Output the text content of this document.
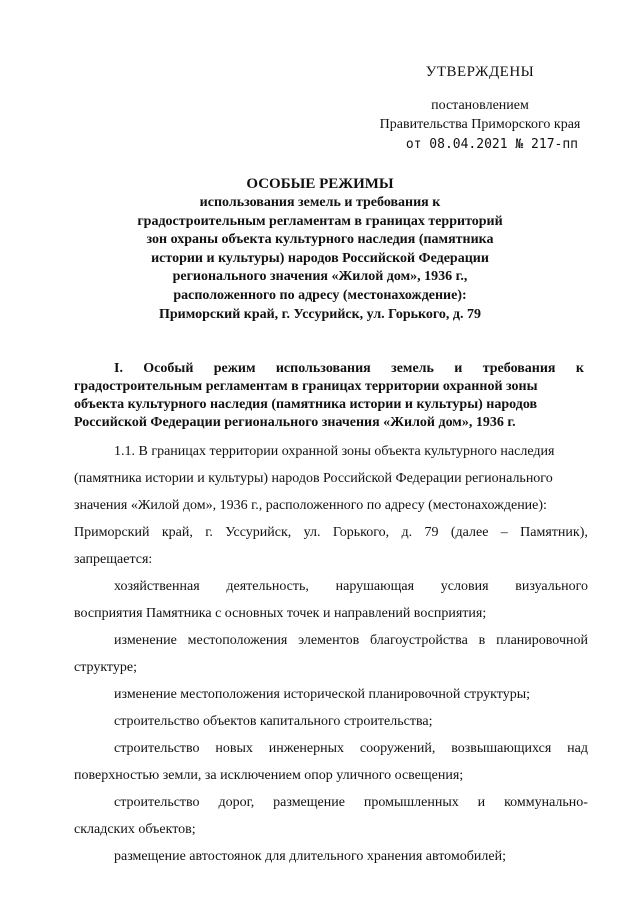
УТВЕРЖДЕНЫ
постановлением
Правительства Приморского края
от 08.04.2021 № 217-пп
ОСОБЫЕ РЕЖИМЫ
использования земель и требования к
градостроительным регламентам в границах территорий
зон охраны объекта культурного наследия (памятника
истории и культуры) народов Российской Федерации
регионального значения «Жилой дом», 1936 г.,
расположенного по адресу (местонахождение):
Приморский край, г. Уссурийск, ул. Горького, д. 79
I. Особый режим использования земель и требования к
градостроительным регламентам в границах территории охранной зоны
объекта культурного наследия (памятника истории и культуры) народов
Российской Федерации регионального значения «Жилой дом», 1936 г.
1.1. В границах территории охранной зоны объекта культурного наследия
(памятника истории и культуры) народов Российской Федерации регионального
значения «Жилой дом», 1936 г., расположенного по адресу (местонахождение):
Приморский край, г. Уссурийск, ул. Горького, д. 79 (далее – Памятник),
запрещается:
хозяйственная деятельность, нарушающая условия визуального
восприятия Памятника с основных точек и направлений восприятия;
изменение местоположения элементов благоустройства в планировочной
структуре;
изменение местоположения исторической планировочной структуры;
строительство объектов капитального строительства;
строительство новых инженерных сооружений, возвышающихся над
поверхностью земли, за исключением опор уличного освещения;
строительство дорог, размещение промышленных и коммунально-
складских объектов;
размещение автостоянок для длительного хранения автомобилей;
